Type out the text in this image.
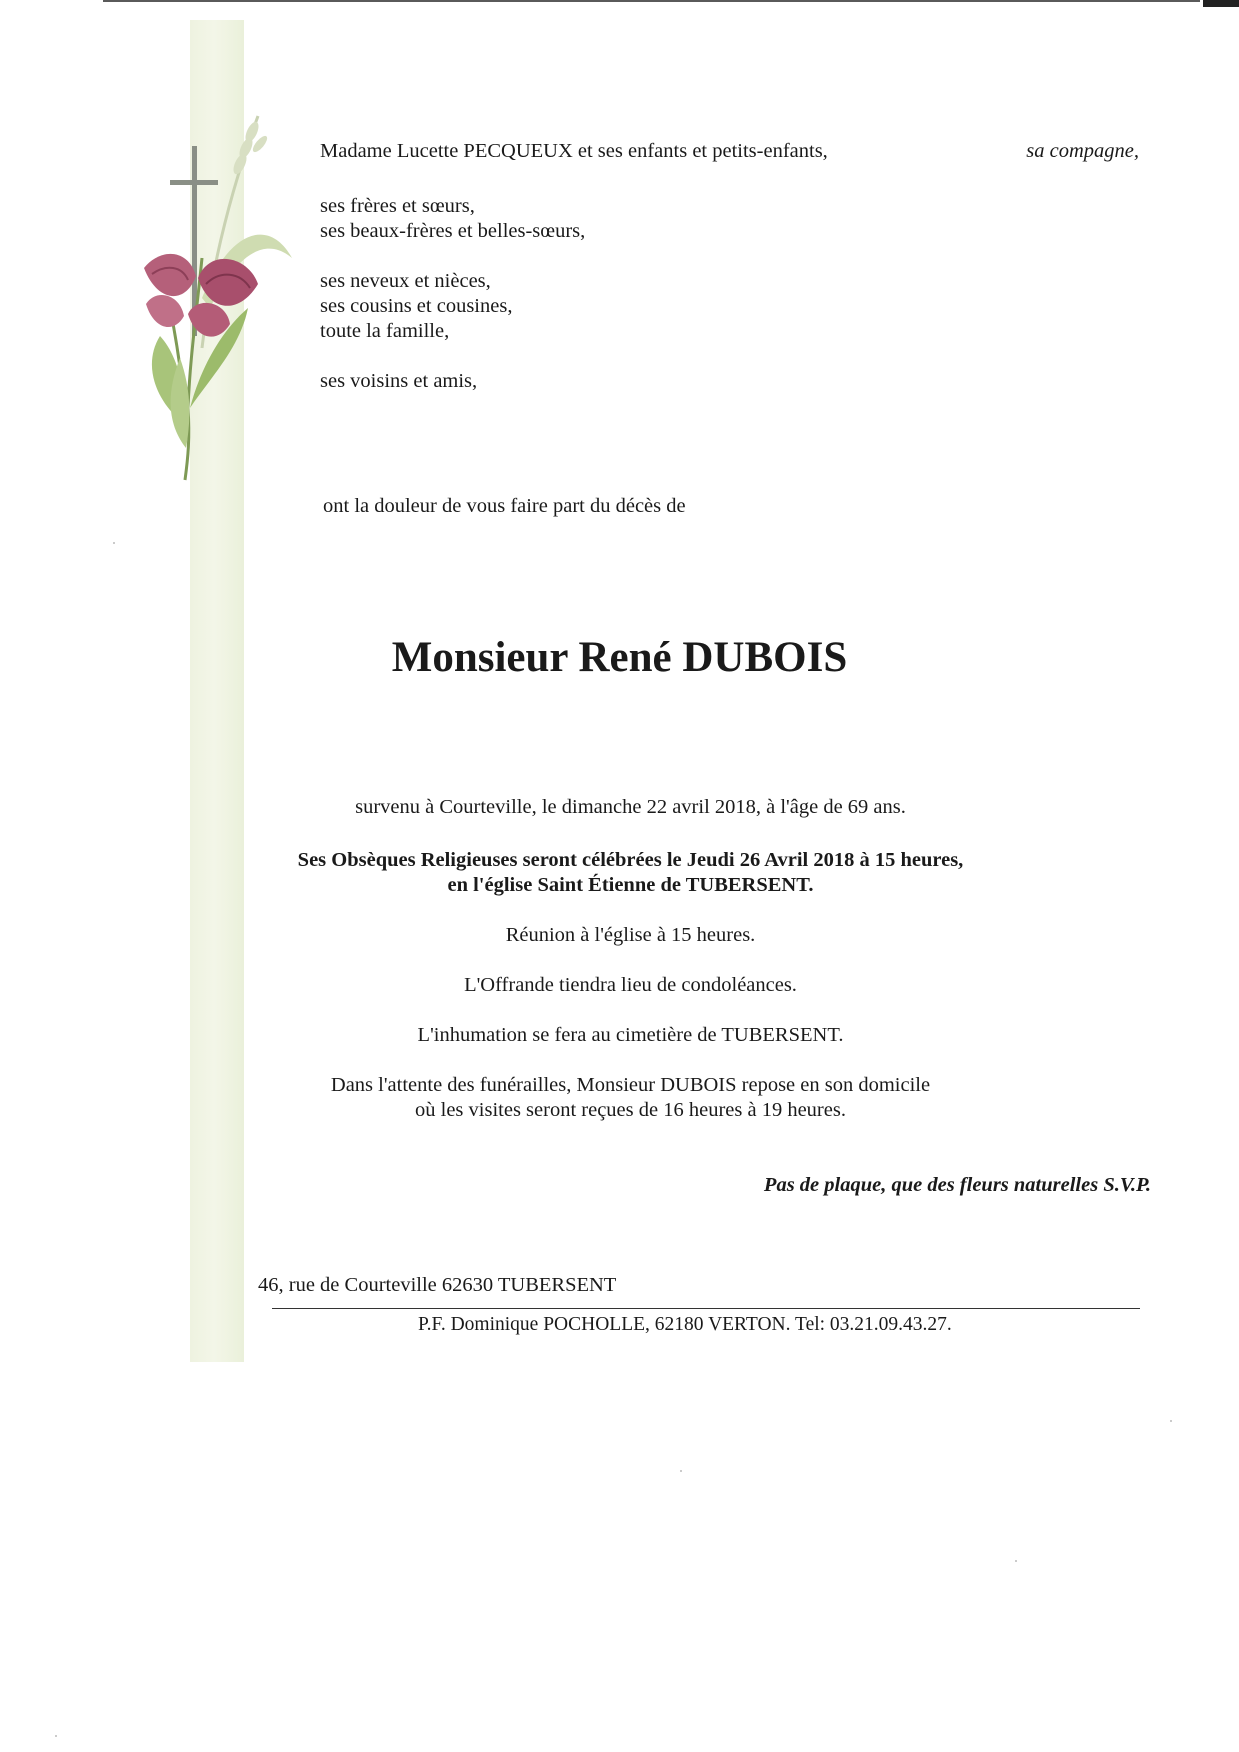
Madame Lucette PECQUEUX et ses enfants et petits-enfants,	sa compagne,
ses frères et sœurs,
ses beaux-frères et belles-sœurs,
ses neveux et nièces,
ses cousins et cousines,
toute la famille,
ses voisins et amis,
ont la douleur de vous faire part du décès de
Monsieur René DUBOIS
survenu à Courteville, le dimanche 22 avril 2018, à l'âge de 69 ans.
Ses Obsèques Religieuses seront célébrées le Jeudi 26 Avril 2018 à 15 heures,
en l'église Saint Étienne de TUBERSENT.
Réunion à l'église à 15 heures.
L'Offrande tiendra lieu de condoléances.
L'inhumation se fera au cimetière de TUBERSENT.
Dans l'attente des funérailles, Monsieur DUBOIS repose en son domicile
où les visites seront reçues de 16 heures à 19 heures.
Pas de plaque, que des fleurs naturelles S.V.P.
46, rue de Courteville 62630 TUBERSENT
P.F. Dominique POCHOLLE, 62180 VERTON. Tel: 03.21.09.43.27.
